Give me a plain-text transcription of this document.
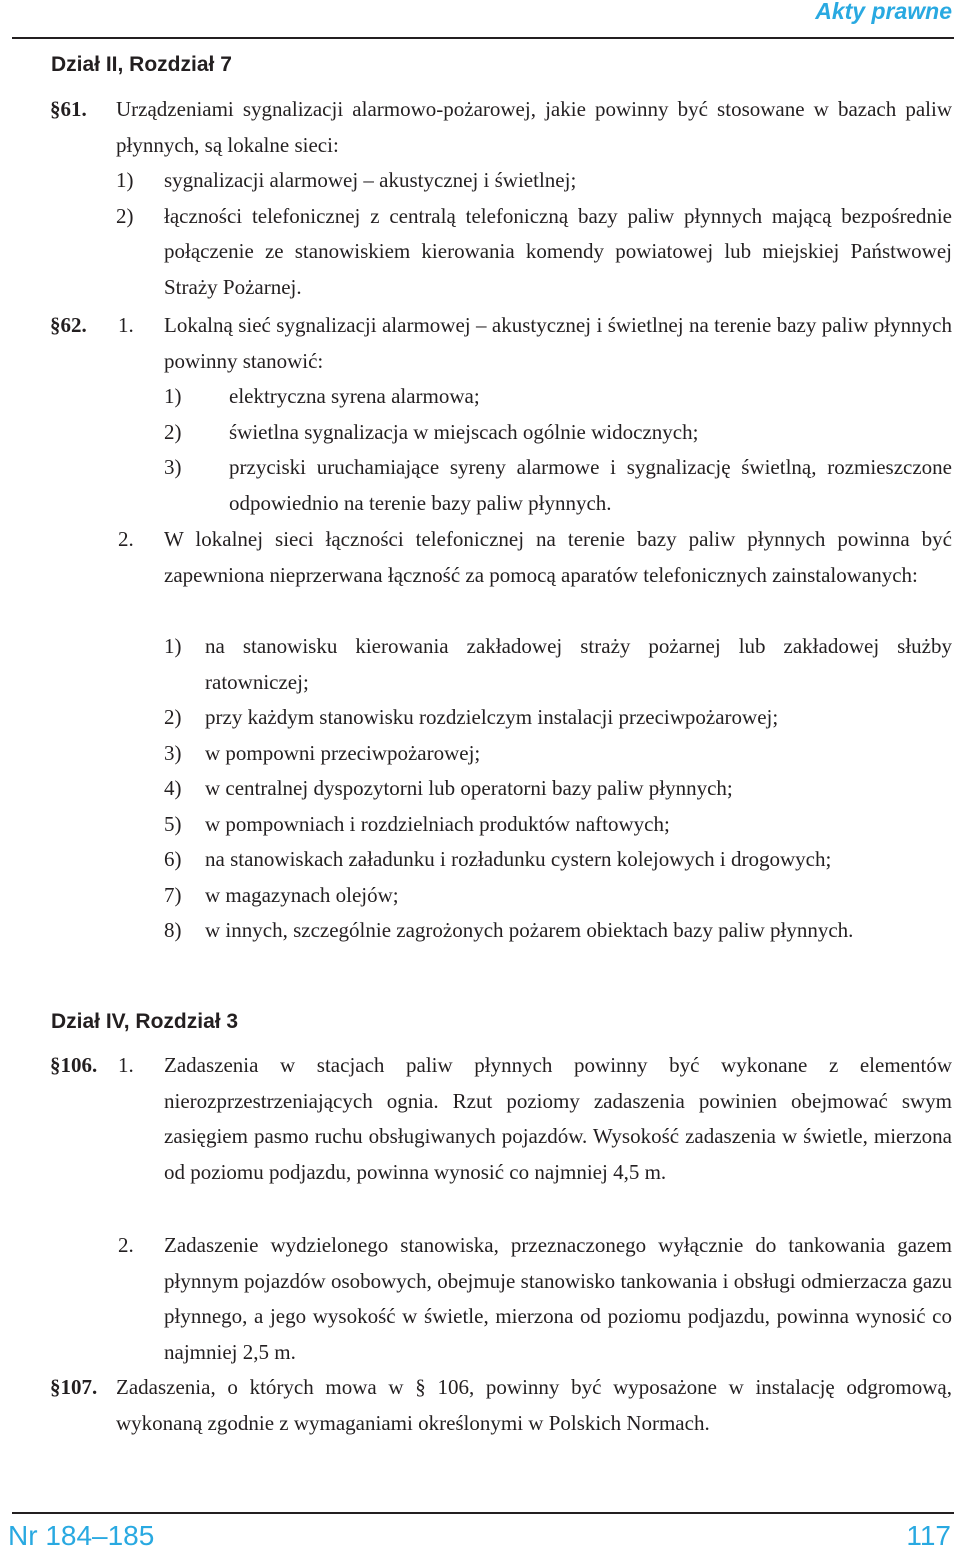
Akty prawne
Dział II, Rozdział 7
§61. Urządzeniami sygnalizacji alarmowo-pożarowej, jakie powinny być stosowane w bazach paliw płynnych, są lokalne sieci:
1) sygnalizacji alarmowej – akustycznej i świetlnej;
2) łączności telefonicznej z centralą telefoniczną bazy paliw płynnych mającą bezpośrednie połączenie ze stanowiskiem kierowania komendy powiatowej lub miejskiej Państwowej Straży Pożarnej.
§62. 1. Lokalną sieć sygnalizacji alarmowej – akustycznej i świetlnej na terenie bazy paliw płynnych powinny stanowić:
1) elektryczna syrena alarmowa;
2) świetlna sygnalizacja w miejscach ogólnie widocznych;
3) przyciski uruchamiające syreny alarmowe i sygnalizację świetlną, rozmieszczone odpowiednio na terenie bazy paliw płynnych.
2. W lokalnej sieci łączności telefonicznej na terenie bazy paliw płynnych powinna być zapewniona nieprzerwana łączność za pomocą aparatów telefonicznych zainstalowanych:
1) na stanowisku kierowania zakładowej straży pożarnej lub zakładowej służby ratowniczej;
2) przy każdym stanowisku rozdzielczym instalacji przeciwpożarowej;
3) w pompowni przeciwpożarowej;
4) w centralnej dyspozytorni lub operatorni bazy paliw płynnych;
5) w pompowniach i rozdzielniach produktów naftowych;
6) na stanowiskach załadunku i rozładunku cystern kolejowych i drogowych;
7) w magazynach olejów;
8) w innych, szczególnie zagrożonych pożarem obiektach bazy paliw płynnych.
Dział IV, Rozdział 3
§106. 1. Zadaszenia w stacjach paliw płynnych powinny być wykonane z elementów nierozprzestrzeniających ognia. Rzut poziomy zadaszenia powinien obejmować swym zasięgiem pasmo ruchu obsługiwanych pojazdów. Wysokość zadaszenia w świetle, mierzona od poziomu podjazdu, powinna wynosić co najmniej 4,5 m.
2. Zadaszenie wydzielonego stanowiska, przeznaczonego wyłącznie do tankowania gazem płynnym pojazdów osobowych, obejmuje stanowisko tankowania i obsługi odmierzacza gazu płynnego, a jego wysokość w świetle, mierzona od poziomu podjazdu, powinna wynosić co najmniej 2,5 m.
§107. Zadaszenia, o których mowa w § 106, powinny być wyposażone w instalację odgromową, wykonaną zgodnie z wymaganiami określonymi w Polskich Normach.
Nr 184–185	117
